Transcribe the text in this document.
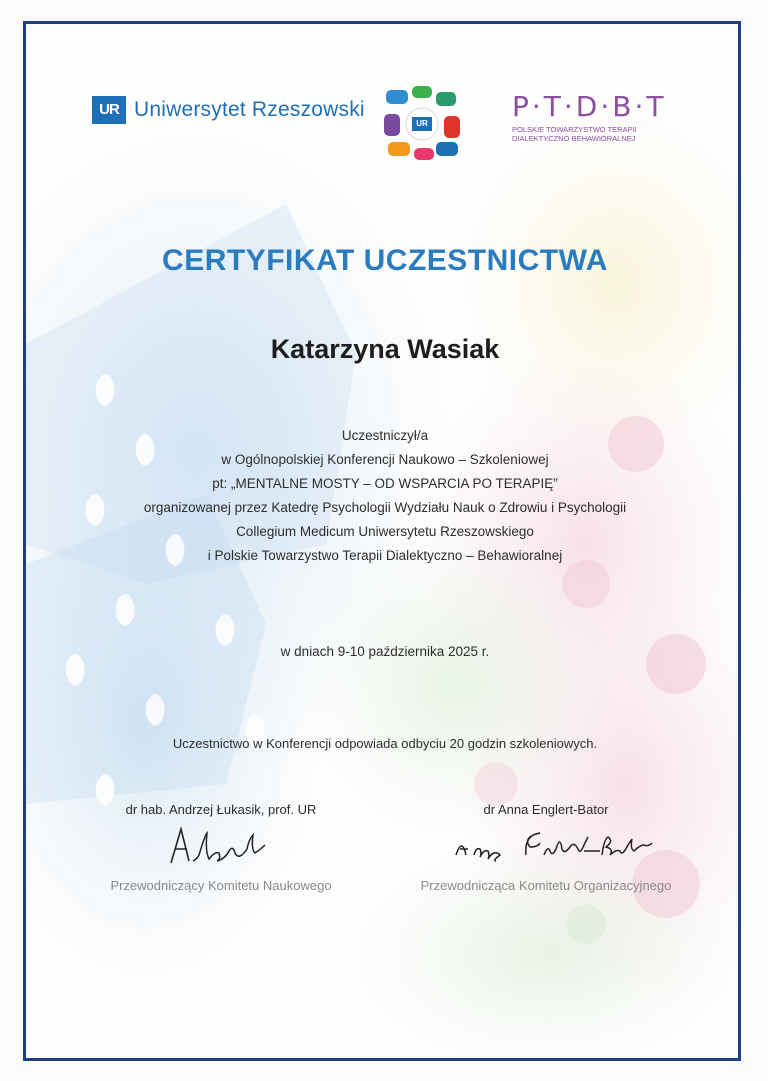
UR Uniwersytet Rzeszowski
UR
P·T·D·B·T
POLSKIE TOWARZYSTWO TERAPII
DIALEKTYCZNO BEHAWIORALNEJ
CERTYFIKAT UCZESTNICTWA
Katarzyna Wasiak
Uczestniczył/a
w Ogólnopolskiej Konferencji Naukowo – Szkoleniowej
pt: „MENTALNE MOSTY – OD WSPARCIA PO TERAPIĘ”
organizowanej przez Katedrę Psychologii Wydziału Nauk o Zdrowiu i Psychologii
Collegium Medicum Uniwersytetu Rzeszowskiego
i Polskie Towarzystwo Terapii Dialektyczno – Behawioralnej
w dniach 9-10 października 2025 r.
Uczestnictwo w Konferencji odpowiada odbyciu 20 godzin szkoleniowych.
dr hab. Andrzej Łukasik, prof. UR
A. Łukasik
Przewodniczący Komitetu Naukowego
dr Anna Englert-Bator
Anne Englert-Bator
Przewodnicząca Komitetu Organizacyjnego
